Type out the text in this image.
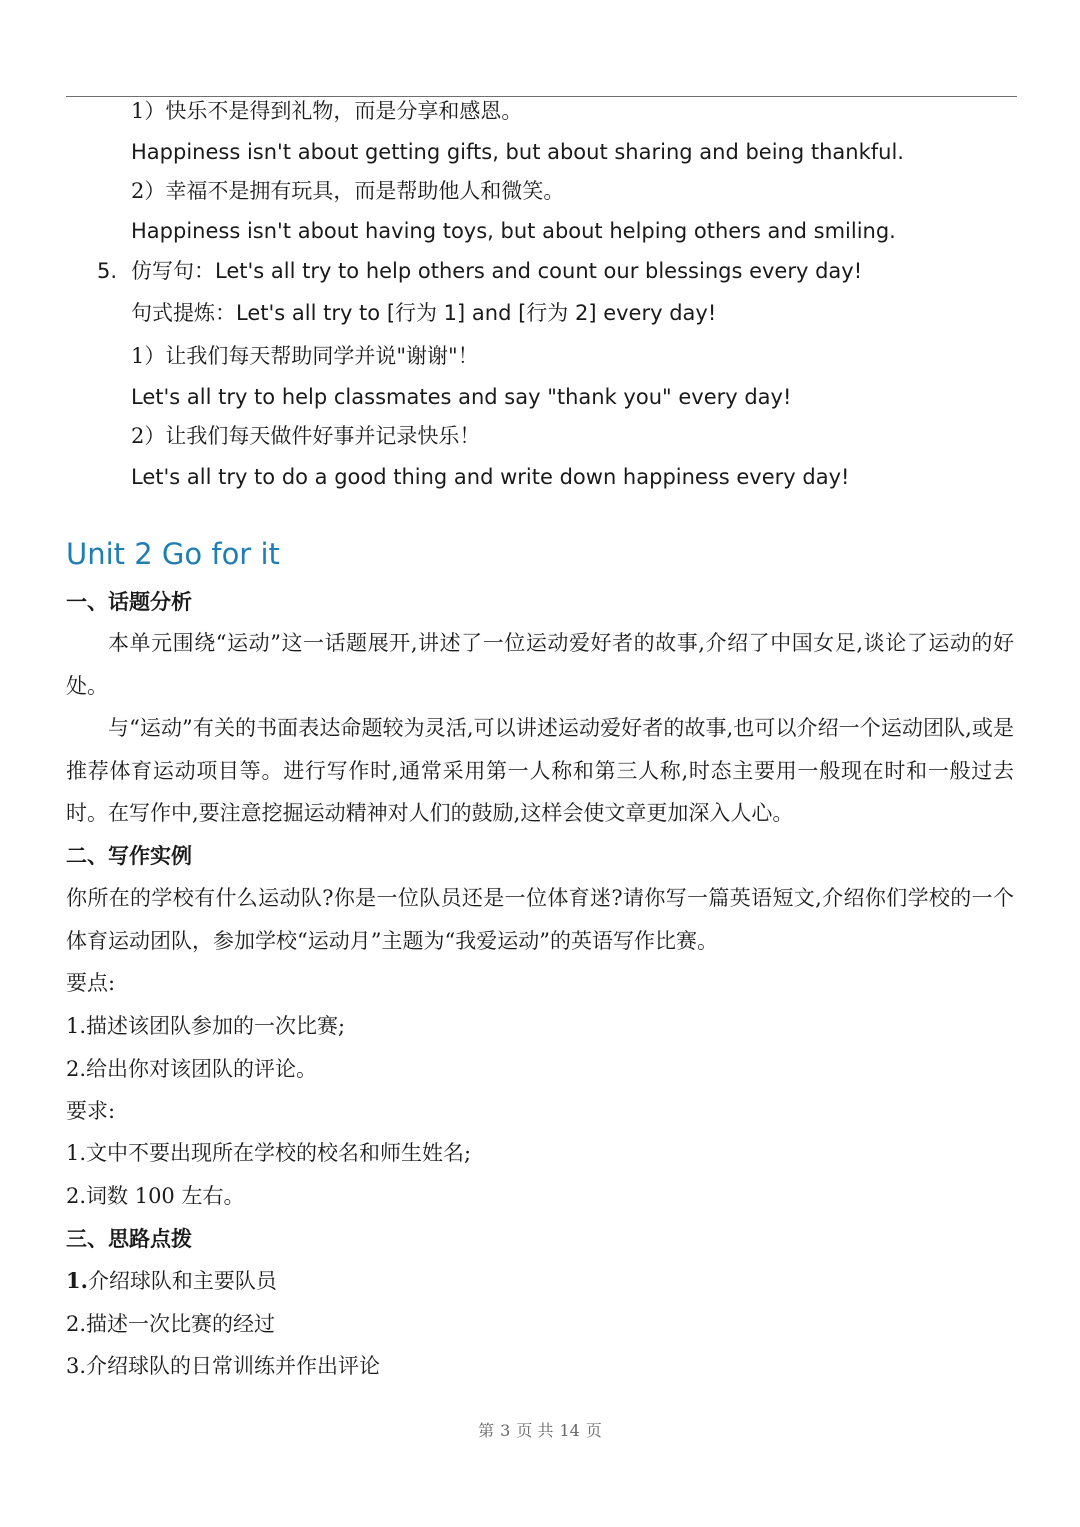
1）快乐不是得到礼物，而是分享和感恩。
Happiness isn't about getting gifts, but about sharing and being thankful.
2）幸福不是拥有玩具，而是帮助他人和微笑。
Happiness isn't about having toys, but about helping others and smiling.
5. 仿写句：Let's all try to help others and count our blessings every day!
句式提炼：Let's all try to [行为 1] and [行为 2] every day!
1）让我们每天帮助同学并说"谢谢"！
Let's all try to help classmates and say "thank you" every day!
2）让我们每天做件好事并记录快乐！
Let's all try to do a good thing and write down happiness every day!
Unit 2 Go for it
一、话题分析
本单元围绕“运动”这一话题展开,讲述了一位运动爱好者的故事,介绍了中国女足,谈论了运动的好处。
与“运动”有关的书面表达命题较为灵活,可以讲述运动爱好者的故事,也可以介绍一个运动团队,或是推荐体育运动项目等。进行写作时,通常采用第一人称和第三人称,时态主要用一般现在时和一般过去时。在写作中,要注意挖掘运动精神对人们的鼓励,这样会使文章更加深入人心。
二、写作实例
你所在的学校有什么运动队?你是一位队员还是一位体育迷?请你写一篇英语短文,介绍你们学校的一个体育运动团队，参加学校“运动月”主题为“我爱运动”的英语写作比赛。
要点:
1.描述该团队参加的一次比赛;
2.给出你对该团队的评论。
要求:
1.文中不要出现所在学校的校名和师生姓名;
2.词数 100 左右。
三、思路点拨
1.介绍球队和主要队员
2.描述一次比赛的经过
3.介绍球队的日常训练并作出评论
第 3 页 共 14 页
